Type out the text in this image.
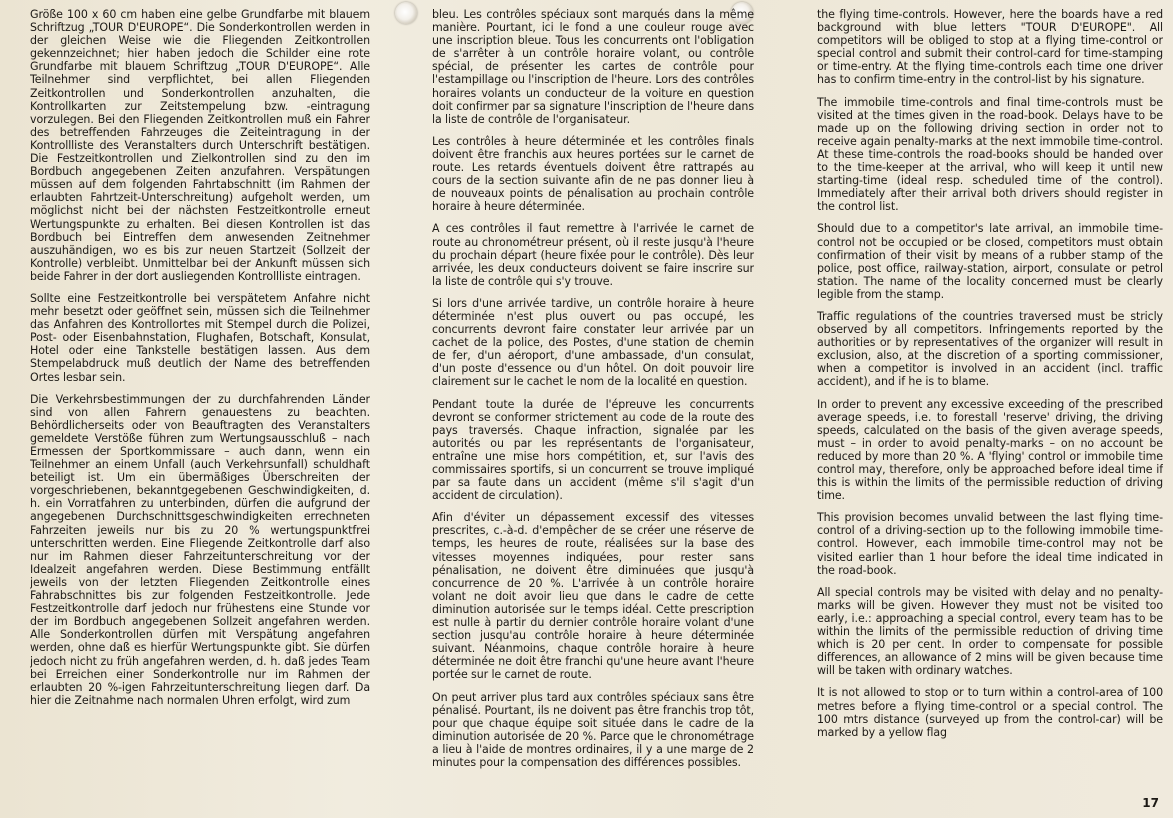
Größe 100 x 60 cm haben eine gelbe Grundfarbe mit blauem Schriftzug „TOUR D'EUROPE“. Die Sonderkontrollen werden in der gleichen Weise wie die Fliegenden Zeitkontrollen gekennzeichnet; hier haben jedoch die Schilder eine rote Grundfarbe mit blauem Schriftzug „TOUR D'EUROPE“. Alle Teilnehmer sind verpflichtet, bei allen Fliegenden Zeitkontrollen und Sonderkontrollen anzuhalten, die Kontrollkarten zur Zeitstempelung bzw. -eintragung vorzulegen. Bei den Fliegenden Zeitkontrollen muß ein Fahrer des betreffenden Fahrzeuges die Zeiteintragung in der Kontrollliste des Veranstalters durch Unterschrift bestätigen. Die Festzeitkontrollen und Zielkontrollen sind zu den im Bordbuch angegebenen Zeiten anzufahren. Verspätungen müssen auf dem folgenden Fahrtabschnitt (im Rahmen der erlaubten Fahrtzeit-Unterschreitung) aufgeholt werden, um möglichst nicht bei der nächsten Festzeitkontrolle erneut Wertungspunkte zu erhalten. Bei diesen Kontrollen ist das Bordbuch bei Eintreffen dem anwesenden Zeitnehmer auszuhändigen, wo es bis zur neuen Startzeit (Sollzeit der Kontrolle) verbleibt. Unmittelbar bei der Ankunft müssen sich beide Fahrer in der dort ausliegenden Kontrollliste eintragen.

Sollte eine Festzeitkontrolle bei verspätetem Anfahre nicht mehr besetzt oder geöffnet sein, müssen sich die Teilnehmer das Anfahren des Kontrollortes mit Stempel durch die Polizei, Post- oder Eisenbahnstation, Flughafen, Botschaft, Konsulat, Hotel oder eine Tankstelle bestätigen lassen. Aus dem Stempelabdruck muß deutlich der Name des betreffenden Ortes lesbar sein.

Die Verkehrsbestimmungen der zu durchfahrenden Länder sind von allen Fahrern genauestens zu beachten. Behördlicherseits oder von Beauftragten des Veranstalters gemeldete Verstöße führen zum Wertungsausschluß – nach Ermessen der Sportkommissare – auch dann, wenn ein Teilnehmer an einem Unfall (auch Verkehrsunfall) schuldhaft beteiligt ist. Um ein übermäßiges Überschreiten der vorgeschriebenen, bekanntgegebenen Geschwindigkeiten, d. h. ein Vorratfahren zu unterbinden, dürfen die aufgrund der angegebenen Durchschnittsgeschwindigkeiten errechneten Fahrzeiten jeweils nur bis zu 20 % wertungspunktfrei unterschritten werden. Eine Fliegende Zeitkontrolle darf also nur im Rahmen dieser Fahrzeitunterschreitung vor der Idealzeit angefahren werden. Diese Bestimmung entfällt jeweils von der letzten Fliegenden Zeitkontrolle eines Fahrabschnittes bis zur folgenden Festzeitkontrolle. Jede Festzeitkontrolle darf jedoch nur frühestens eine Stunde vor der im Bordbuch angegebenen Sollzeit angefahren werden. Alle Sonderkontrollen dürfen mit Verspätung angefahren werden, ohne daß es hierfür Wertungspunkte gibt. Sie dürfen jedoch nicht zu früh angefahren werden, d. h. daß jedes Team bei Erreichen einer Sonderkontrolle nur im Rahmen der erlaubten 20 %-igen Fahrzeitunterschreitung liegen darf. Da hier die Zeitnahme nach normalen Uhren erfolgt, wird zum

bleu. Les contrôles spéciaux sont marqués dans la même manière. Pourtant, ici le fond a une couleur rouge avec une inscription bleue. Tous les concurrents ont l'obligation de s'arrêter à un contrôle horaire volant, ou contrôle spécial, de présenter les cartes de contrôle pour l'estampillage ou l'inscription de l'heure. Lors des contrôles horaires volants un conducteur de la voiture en question doit confirmer par sa signature l'inscription de l'heure dans la liste de contrôle de l'organisateur.

Les contrôles à heure déterminée et les contrôles finals doivent être franchis aux heures portées sur le carnet de route. Les retards éventuels doivent être rattrapés au cours de la section suivante afin de ne pas donner lieu à de nouveaux points de pénalisation au prochain contrôle horaire à heure déterminée.

A ces contrôles il faut remettre à l'arrivée le carnet de route au chronométreur présent, où il reste jusqu'à l'heure du prochain départ (heure fixée pour le contrôle). Dès leur arrivée, les deux conducteurs doivent se faire inscrire sur la liste de contrôle qui s'y trouve.

Si lors d'une arrivée tardive, un contrôle horaire à heure déterminée n'est plus ouvert ou pas occupé, les concurrents devront faire constater leur arrivée par un cachet de la police, des Postes, d'une station de chemin de fer, d'un aéroport, d'une ambassade, d'un consulat, d'un poste d'essence ou d'un hôtel. On doit pouvoir lire clairement sur le cachet le nom de la localité en question.

Pendant toute la durée de l'épreuve les concurrents devront se conformer strictement au code de la route des pays traversés. Chaque infraction, signalée par les autorités ou par les représentants de l'organisateur, entraîne une mise hors compétition, et, sur l'avis des commissaires sportifs, si un concurrent se trouve impliqué par sa faute dans un accident (même s'il s'agit d'un accident de circulation).

Afin d'éviter un dépassement excessif des vitesses prescrites, c.-à-d. d'empêcher de se créer une réserve de temps, les heures de route, réalisées sur la base des vitesses moyennes indiquées, pour rester sans pénalisation, ne doivent être diminuées que jusqu'à concurrence de 20 %. L'arrivée à un contrôle horaire volant ne doit avoir lieu que dans le cadre de cette diminution autorisée sur le temps idéal. Cette prescription est nulle à partir du dernier contrôle horaire volant d'une section jusqu'au contrôle horaire à heure déterminée suivant. Néanmoins, chaque contrôle horaire à heure déterminée ne doit être franchi qu'une heure avant l'heure portée sur le carnet de route.

On peut arriver plus tard aux contrôles spéciaux sans être pénalisé. Pourtant, ils ne doivent pas être franchis trop tôt, pour que chaque équipe soit située dans le cadre de la diminution autorisée de 20 %. Parce que le chronométrage a lieu à l'aide de montres ordinaires, il y a une marge de 2 minutes pour la compensation des différences possibles.

the flying time-controls. However, here the boards have a red background with blue letters "TOUR D'EUROPE". All competitors will be obliged to stop at a flying time-control or special control and submit their control-card for time-stamping or time-entry. At the flying time-controls each time one driver has to confirm time-entry in the control-list by his signature.

The immobile time-controls and final time-controls must be visited at the times given in the road-book. Delays have to be made up on the following driving section in order not to receive again penalty-marks at the next immobile time-control. At these time-controls the road-books should be handed over to the time-keeper at the arrival, who will keep it until new starting-time (ideal resp. scheduled time of the control). Immediately after their arrival both drivers should register in the control list.

Should due to a competitor's late arrival, an immobile time-control not be occupied or be closed, competitors must obtain confirmation of their visit by means of a rubber stamp of the police, post office, railway-station, airport, consulate or petrol station. The name of the locality concerned must be clearly legible from the stamp.

Traffic regulations of the countries traversed must be stricly observed by all competitors. Infringements reported by the authorities or by representatives of the organizer will result in exclusion, also, at the discretion of a sporting commissioner, when a competitor is involved in an accident (incl. traffic accident), and if he is to blame.

In order to prevent any excessive exceeding of the prescribed average speeds, i.e. to forestall 'reserve' driving, the driving speeds, calculated on the basis of the given average speeds, must – in order to avoid penalty-marks – on no account be reduced by more than 20 %. A 'flying' control or immobile time control may, therefore, only be approached before ideal time if this is within the limits of the permissible reduction of driving time.

This provision becomes unvalid between the last flying time-control of a driving-section up to the following immobile time-control. However, each immobile time-control may not be visited earlier than 1 hour before the ideal time indicated in the road-book.

All special controls may be visited with delay and no penalty-marks will be given. However they must not be visited too early, i.e.: approaching a special control, every team has to be within the limits of the permissible reduction of driving time which is 20 per cent. In order to compensate for possible differences, an allowance of 2 mins will be given because time will be taken with ordinary watches.

It is not allowed to stop or to turn within a control-area of 100 metres before a flying time-control or a special control. The 100 mtrs distance (surveyed up from the control-car) will be marked by a yellow flag

17
